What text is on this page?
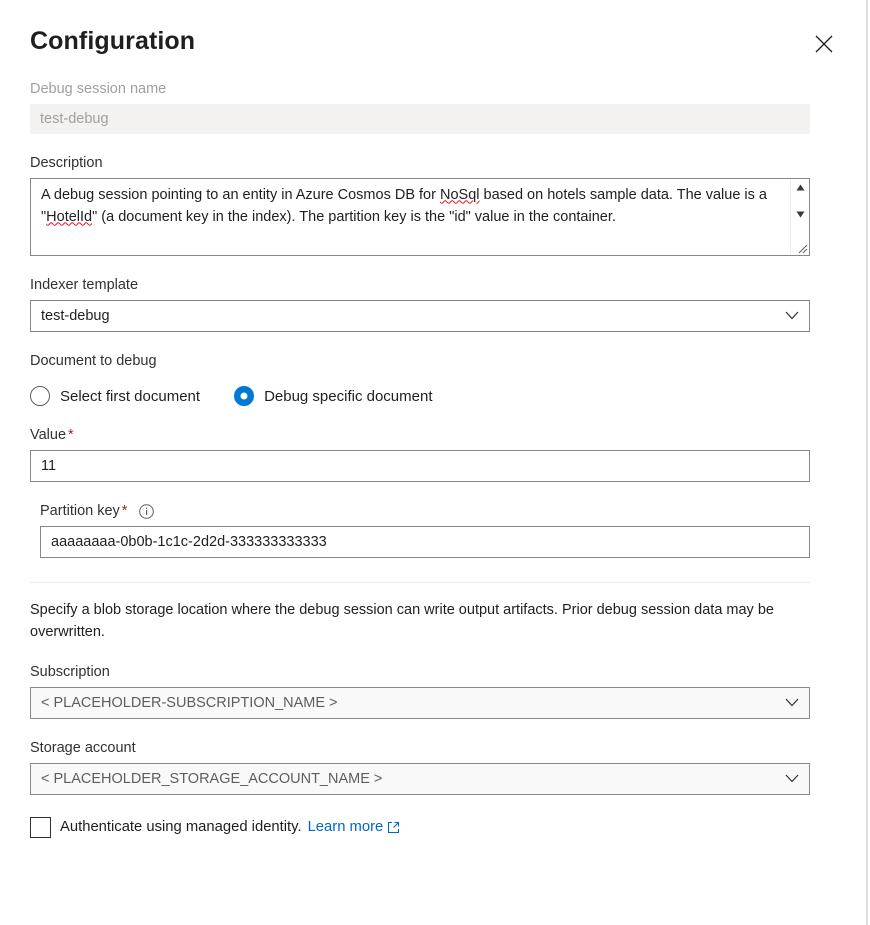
Configuration
Debug session name
test-debug
Description
A debug session pointing to an entity in Azure Cosmos DB for NoSql based on hotels sample data. The value is a "HotelId" (a document key in the index). The partition key is the "id" value in the container.
Indexer template
test-debug
Document to debug
Select first document	Debug specific document
Value *
11
Partition key *
aaaaaaaa-0b0b-1c1c-2d2d-333333333333
Specify a blob storage location where the debug session can write output artifacts. Prior debug session data may be overwritten.
Subscription
< PLACEHOLDER-SUBSCRIPTION_NAME >
Storage account
< PLACEHOLDER_STORAGE_ACCOUNT_NAME >
Authenticate using managed identity. Learn more
